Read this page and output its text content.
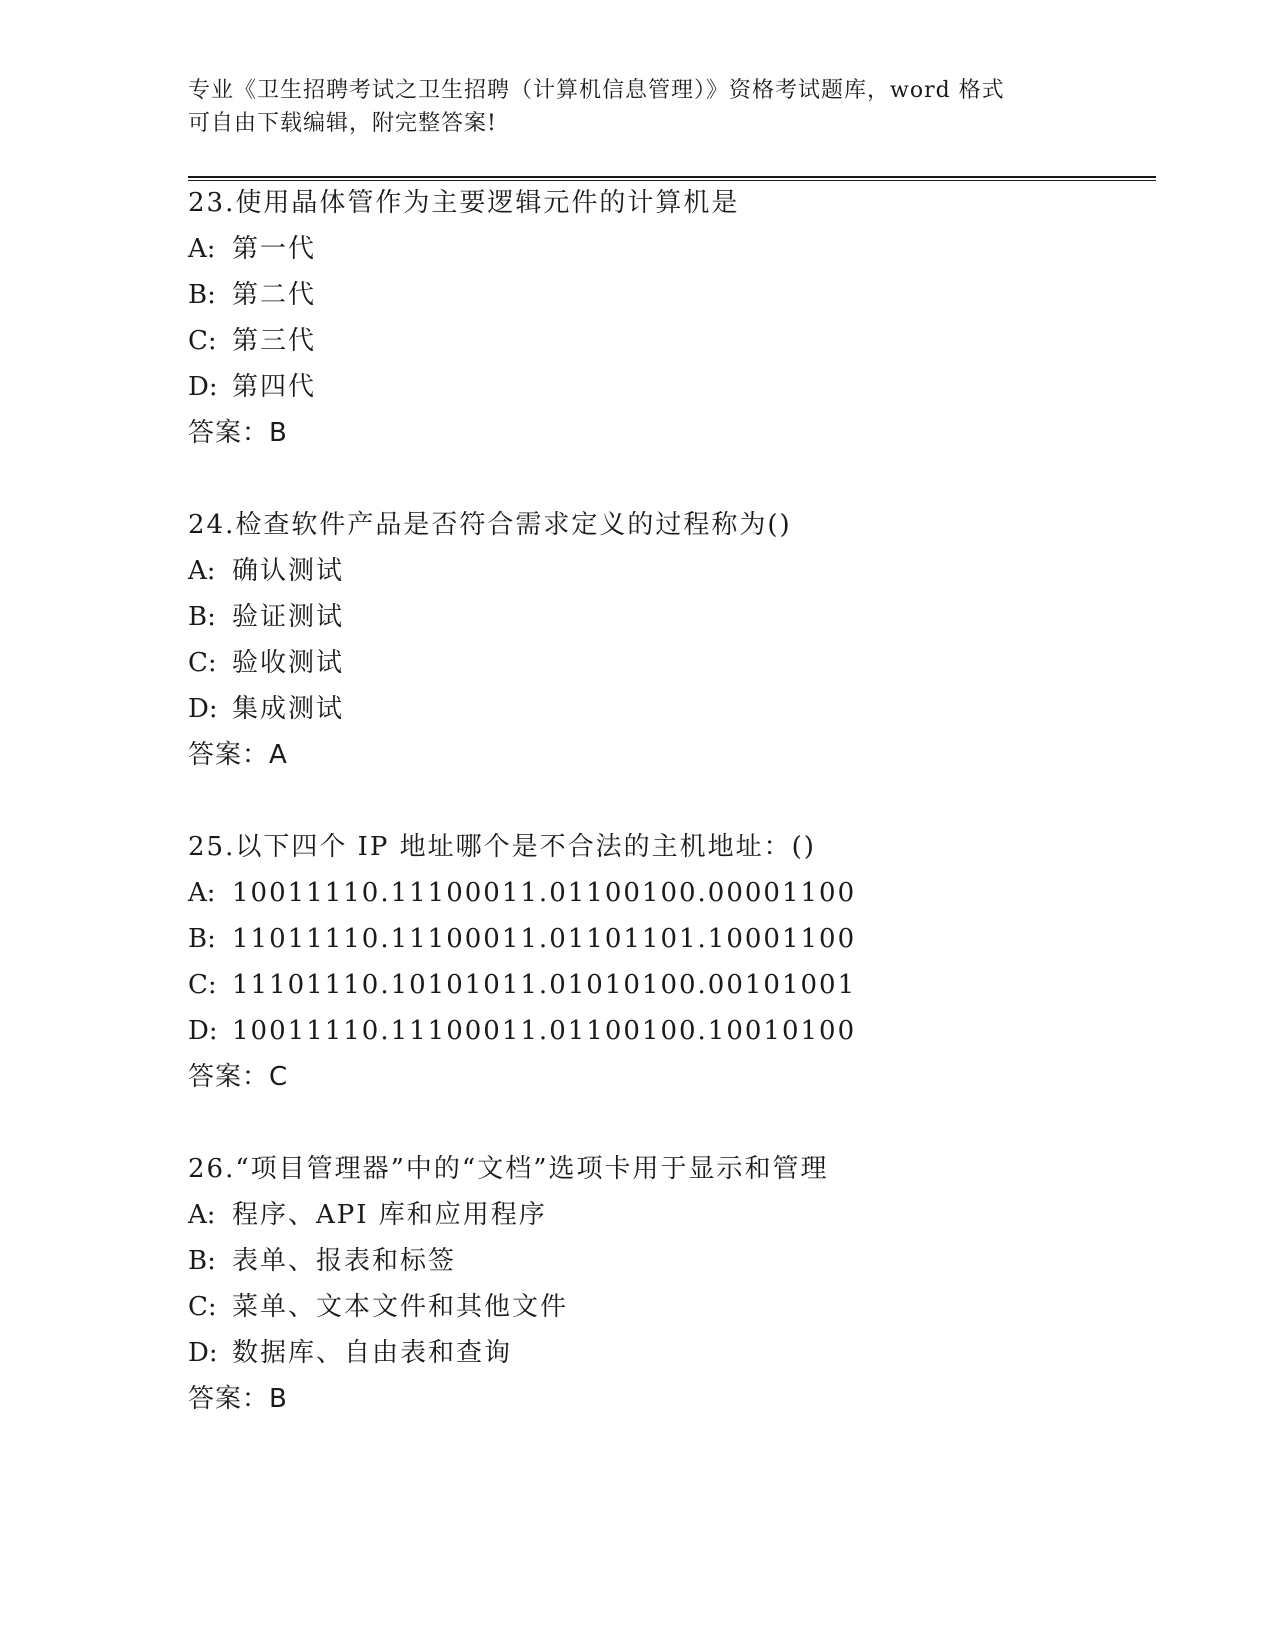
专业《卫生招聘考试之卫生招聘（计算机信息管理）》资格考试题库，word 格式
可自由下载编辑，附完整答案!
23.使用晶体管作为主要逻辑元件的计算机是
A: 第一代
B: 第二代
C: 第三代
D: 第四代
答案：B
24.检查软件产品是否符合需求定义的过程称为()
A: 确认测试
B: 验证测试
C: 验收测试
D: 集成测试
答案：A
25.以下四个 IP 地址哪个是不合法的主机地址：()
A: 10011110.11100011.01100100.00001100
B: 11011110.11100011.01101101.10001100
C: 11101110.10101011.01010100.00101001
D: 10011110.11100011.01100100.10010100
答案：C
26.“项目管理器”中的“文档”选项卡用于显示和管理
A: 程序、API 库和应用程序
B: 表单、报表和标签
C: 菜单、文本文件和其他文件
D: 数据库、自由表和查询
答案：B
